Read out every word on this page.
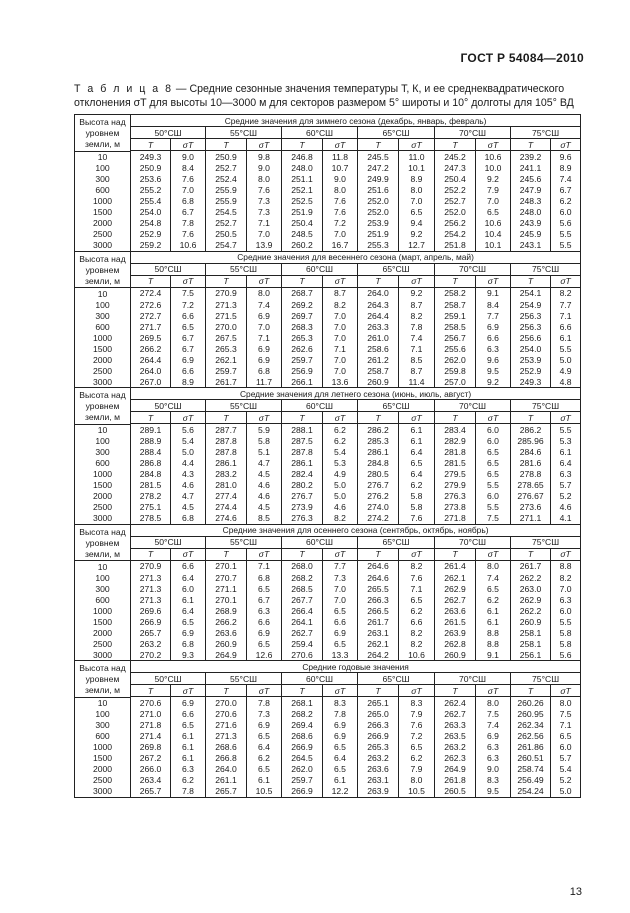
ГОСТ Р 54084—2010
Т а б л и ц а 8 — Средние сезонные значения температуры T, К, и ее среднеквадратического отклонения σT для высоты 10—3000 м для секторов размером 5° широты и 10° долготы для 105° ВД
Высота над уровнем земли, м	Средние значения для зимнего сезона (декабрь, январь, февраль)											
	50°СШ		55°СШ		60°СШ		65°СШ		70°СШ		75°СШ	
	T	σT	T	σT	T	σT	T	σT	T	σT	T	σT

10	249.3	9.0	250.9	9.8	246.8	11.8	245.5	11.0	245.2	10.6	239.2	9.6
100	250.9	8.4	252.7	9.0	248.0	10.7	247.2	10.1	247.3	10.0	241.1	8.9
300	253.6	7.6	252.4	8.0	251.1	9.0	249.9	8.9	250.4	9.2	245.6	7.4
600	255.2	7.0	255.9	7.6	252.1	8.0	251.6	8.0	252.2	7.9	247.9	6.7
1000	255.4	6.8	255.9	7.3	252.5	7.6	252.0	7.0	252.7	7.0	248.3	6.2
1500	254.0	6.7	254.5	7.3	251.9	7.6	252.0	6.5	252.0	6.5	248.0	6.0
2000	254.8	7.8	252.7	7.1	250.4	7.2	253.9	9.4	256.2	10.6	243.9	5.6
2500	252.9	7.6	250.5	7.0	248.5	7.0	251.9	9.2	254.2	10.4	245.9	5.5
3000	259.2	10.6	254.7	13.9	260.2	16.7	255.3	12.7	251.8	10.1	243.1	5.5
Высота над уровнем земли, м	Средние значения для весеннего сезона (март, апрель, май)											
	50°СШ		55°СШ		60°СШ		65°СШ		70°СШ		75°СШ	
	T	σT	T	σT	T	σT	T	σT	T	σT	T	σT

10	272.4	7.5	270.9	8.0	268.7	8.7	264.0	9.2	258.2	9.1	254.1	8.2
100	272.6	7.2	271.3	7.4	269.2	8.2	264.3	8.7	258.7	8.4	254.9	7.7
300	272.7	6.6	271.5	6.9	269.7	7.0	264.4	8.2	259.1	7.7	256.3	7.1
600	271.7	6.5	270.0	7.0	268.3	7.0	263.3	7.8	258.5	6.9	256.3	6.6
1000	269.5	6.7	267.5	7.1	265.3	7.0	261.0	7.4	256.7	6.6	256.6	6.1
1500	266.2	6.7	265.3	6.9	262.6	7.1	258.6	7.1	255.6	6.3	254.0	5.5
2000	264.4	6.9	262.1	6.9	259.7	7.0	261.2	8.5	262.0	9.6	253.9	5.0
2500	264.0	6.6	259.7	6.8	256.9	7.0	258.7	8.7	259.8	9.5	252.9	4.9
3000	267.0	8.9	261.7	11.7	266.1	13.6	260.9	11.4	257.0	9.2	249.3	4.8
Высота над уровнем земли, м	Средние значения для летнего сезона (июнь, июль, август)											
	50°СШ		55°СШ		60°СШ		65°СШ		70°СШ		75°СШ	
	T	σT	T	σT	T	σT	T	σT	T	σT	T	σT

10	289.1	5.6	287.7	5.9	288.1	6.2	286.2	6.1	283.4	6.0	286.2	5.5
100	288.9	5.4	287.8	5.8	287.5	6.2	285.3	6.1	282.9	6.0	285.96	5.3
300	288.4	5.0	287.8	5.1	287.8	5.4	286.1	6.4	281.8	6.5	284.6	6.1
600	286.8	4.4	286.1	4.7	286.1	5.3	284.8	6.5	281.5	6.5	281.6	6.4
1000	284.8	4.3	283.2	4.5	282.4	4.9	280.5	6.4	279.5	6.5	278.8	6.3
1500	281.5	4.6	281.0	4.6	280.2	5.0	276.7	6.2	279.9	5.5	278.65	5.7
2000	278.2	4.7	277.4	4.6	276.7	5.0	276.2	5.8	276.3	6.0	276.67	5.2
2500	275.1	4.5	274.4	4.5	273.9	4.6	274.0	5.8	273.8	5.5	273.6	4.6
3000	278.5	6.8	274.6	8.5	276.3	8.2	274.2	7.6	271.8	7.5	271.1	4.1
Высота над уровнем земли, м	Средние значения для осеннего сезона (сентябрь, октябрь, ноябрь)											
	50°СШ		55°СШ		60°СШ		65°СШ		70°СШ		75°СШ	
	T	σT	T	σT	T	σT	T	σT	T	σT	T	σT

10	270.9	6.6	270.1	7.1	268.0	7.7	264.6	8.2	261.4	8.0	261.7	8.8
100	271.3	6.4	270.7	6.8	268.2	7.3	264.6	7.6	262.1	7.4	262.2	8.2
300	271.3	6.0	271.1	6.5	268.5	7.0	265.5	7.1	262.9	6.5	263.0	7.0
600	271.3	6.1	270.1	6.7	267.7	7.0	266.3	6.5	262.7	6.2	262.9	6.3
1000	269.6	6.4	268.9	6.3	266.4	6.5	266.5	6.2	263.6	6.1	262.2	6.0
1500	266.9	6.5	266.2	6.6	264.1	6.6	261.7	6.6	261.5	6.1	260.9	5.5
2000	265.7	6.9	263.6	6.9	262.7	6.9	263.1	8.2	263.9	8.8	258.1	5.8
2500	263.2	6.8	260.9	6.5	259.4	6.5	262.1	8.2	262.8	8.8	258.1	5.8
3000	270.2	9.3	264.9	12.6	270.6	13.3	264.2	10.6	260.9	9.1	256.1	5.6
Высота над уровнем земли, м	Средние годовые значения											
	50°СШ		55°СШ		60°СШ		65°СШ		70°СШ		75°СШ	
	T	σT	T	σT	T	σT	T	σT	T	σT	T	σT

10	270.6	6.9	270.0	7.8	268.1	8.3	265.1	8.3	262.4	8.0	260.26	8.0
100	271.0	6.6	270.6	7.3	268.2	7.8	265.0	7.9	262.7	7.5	260.95	7.5
300	271.8	6.5	271.6	6.9	269.4	6.9	266.3	7.6	263.3	7.4	262.34	7.1
600	271.4	6.1	271.3	6.5	268.6	6.9	266.9	7.2	263.5	6.9	262.56	6.5
1000	269.8	6.1	268.6	6.4	266.9	6.5	265.3	6.5	263.2	6.3	261.86	6.0
1500	267.2	6.1	266.8	6.2	264.5	6.4	263.2	6.2	262.3	6.3	260.51	5.7
2000	266.0	6.3	264.0	6.5	262.0	6.5	263.6	7.9	264.9	9.0	258.74	5.4
2500	263.4	6.2	261.1	6.1	259.7	6.1	263.1	8.0	261.8	8.3	256.49	5.2
3000	265.7	7.8	265.7	10.5	266.9	12.2	263.9	10.5	260.5	9.5	254.24	5.0
13
